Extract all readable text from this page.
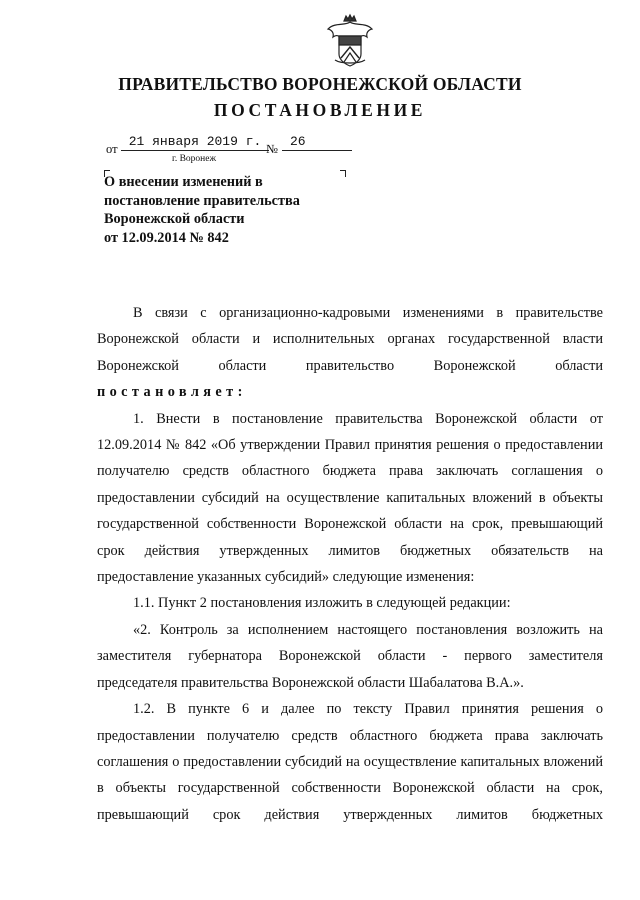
ПРАВИТЕЛЬСТВО ВОРОНЕЖСКОЙ ОБЛАСТИ
ПОСТАНОВЛЕНИЕ
от 21 января 2019 г. № 26
г. Воронеж
О внесении изменений в
постановление правительства
Воронежской области
от 12.09.2014 № 842

В связи с организационно-кадровыми изменениями в правительстве Воронежской области и исполнительных органах государственной власти Воронежской области правительство Воронежской области

постановляет:

1. Внести в постановление правительства Воронежской области от 12.09.2014 № 842 «Об утверждении Правил принятия решения о предоставлении получателю средств областного бюджета права заключать соглашения о предоставлении субсидий на осуществление капитальных вложений в объекты государственной собственности Воронежской области на срок, превышающий срок действия утвержденных лимитов бюджетных обязательств на предоставление указанных субсидий» следующие изменения:

1.1. Пункт 2 постановления изложить в следующей редакции:

«2. Контроль за исполнением настоящего постановления возложить на заместителя губернатора Воронежской области - первого заместителя председателя правительства Воронежской области Шабалатова В.А.».

1.2. В пункте 6 и далее по тексту Правил принятия решения о предоставлении получателю средств областного бюджета права заключать соглашения о предоставлении субсидий на осуществление капитальных вложений в объекты государственной собственности Воронежской области на срок, превышающий срок действия утвержденных лимитов бюджетных
